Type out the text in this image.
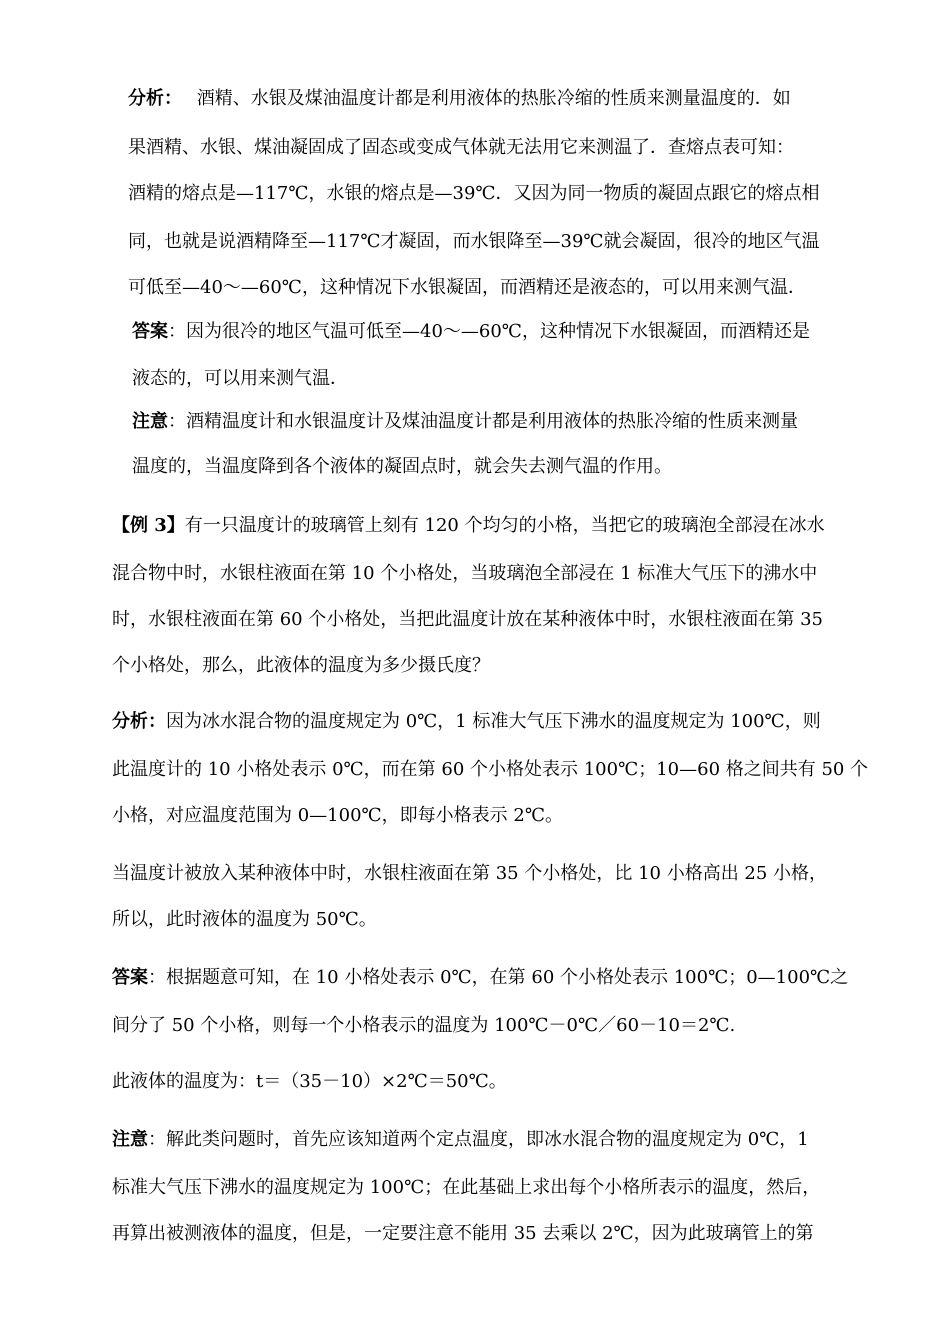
分析：　 酒精、水银及煤油温度计都是利用液体的热胀冷缩的性质来测量温度的．如
果酒精、水银、煤油凝固成了固态或变成气体就无法用它来测温了．查熔点表可知：
酒精的熔点是—117℃，水银的熔点是—39℃．又因为同一物质的凝固点跟它的熔点相
同，也就是说酒精降至—117℃才凝固，而水银降至—39℃就会凝固，很冷的地区气温
可低至—40～—60℃，这种情况下水银凝固，而酒精还是液态的，可以用来测气温．
答案：因为很冷的地区气温可低至—40～—60℃，这种情况下水银凝固，而酒精还是
液态的，可以用来测气温．
注意：酒精温度计和水银温度计及煤油温度计都是利用液体的热胀冷缩的性质来测量
温度的，当温度降到各个液体的凝固点时，就会失去测气温的作用。
【例 3】有一只温度计的玻璃管上刻有 120 个均匀的小格，当把它的玻璃泡全部浸在冰水
混合物中时，水银柱液面在第 10 个小格处，当玻璃泡全部浸在 1 标准大气压下的沸水中
时，水银柱液面在第 60 个小格处，当把此温度计放在某种液体中时，水银柱液面在第 35
个小格处，那么，此液体的温度为多少摄氏度？
分析：因为冰水混合物的温度规定为 0℃，1 标准大气压下沸水的温度规定为 100℃，则
此温度计的 10 小格处表示 0℃，而在第 60 个小格处表示 100℃；10—60 格之间共有 50 个
小格，对应温度范围为 0—100℃，即每小格表示 2℃。
当温度计被放入某种液体中时，水银柱液面在第 35 个小格处，比 10 小格高出 25 小格，
所以，此时液体的温度为 50℃。
答案：根据题意可知，在 10 小格处表示 0℃，在第 60 个小格处表示 100℃；0—100℃之
间分了 50 个小格，则每一个小格表示的温度为 100℃－0℃／60－10＝2℃.
此液体的温度为：t＝（35－10）×2℃＝50℃。
注意：解此类问题时，首先应该知道两个定点温度，即冰水混合物的温度规定为 0℃，1
标准大气压下沸水的温度规定为 100℃；在此基础上求出每个小格所表示的温度，然后，
再算出被测液体的温度，但是，一定要注意不能用 35 去乘以 2℃，因为此玻璃管上的第
